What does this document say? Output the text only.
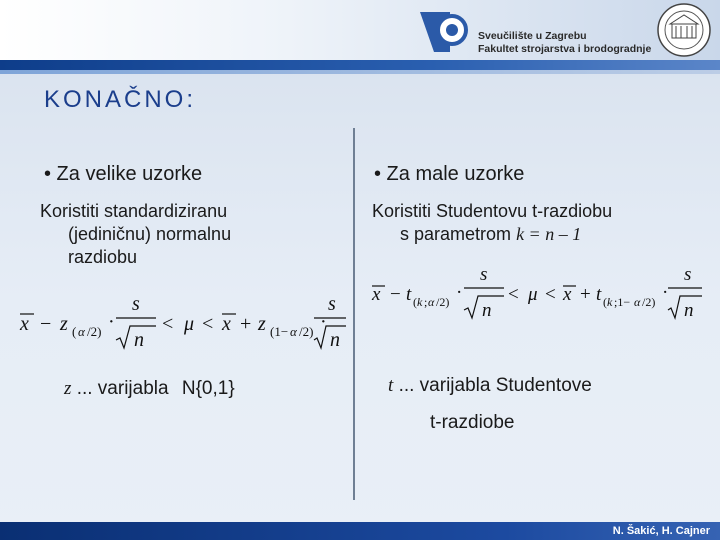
Sveučilište u Zagrebu
Fakultet strojarstva i brodogradnje
KONAČNO:
• Za velike uzorke
Koristiti standardiziranu
(jediničnu) normalnu
razdiobu
x − z ( α /2) ·
s
n
< μ < x + z (1− α /2) ·
s
n
z ... varijabla N{0,1}
• Za male uzorke
Koristiti Studentovu t-razdiobu
s parametrom k = n – 1
x − t ( k ; α /2) ·
s
n
< μ < x + t ( k ;1− α /2) ·
s
n
t ... varijabla Studentove
t-razdiobe
N. Šakić, H. Cajner
